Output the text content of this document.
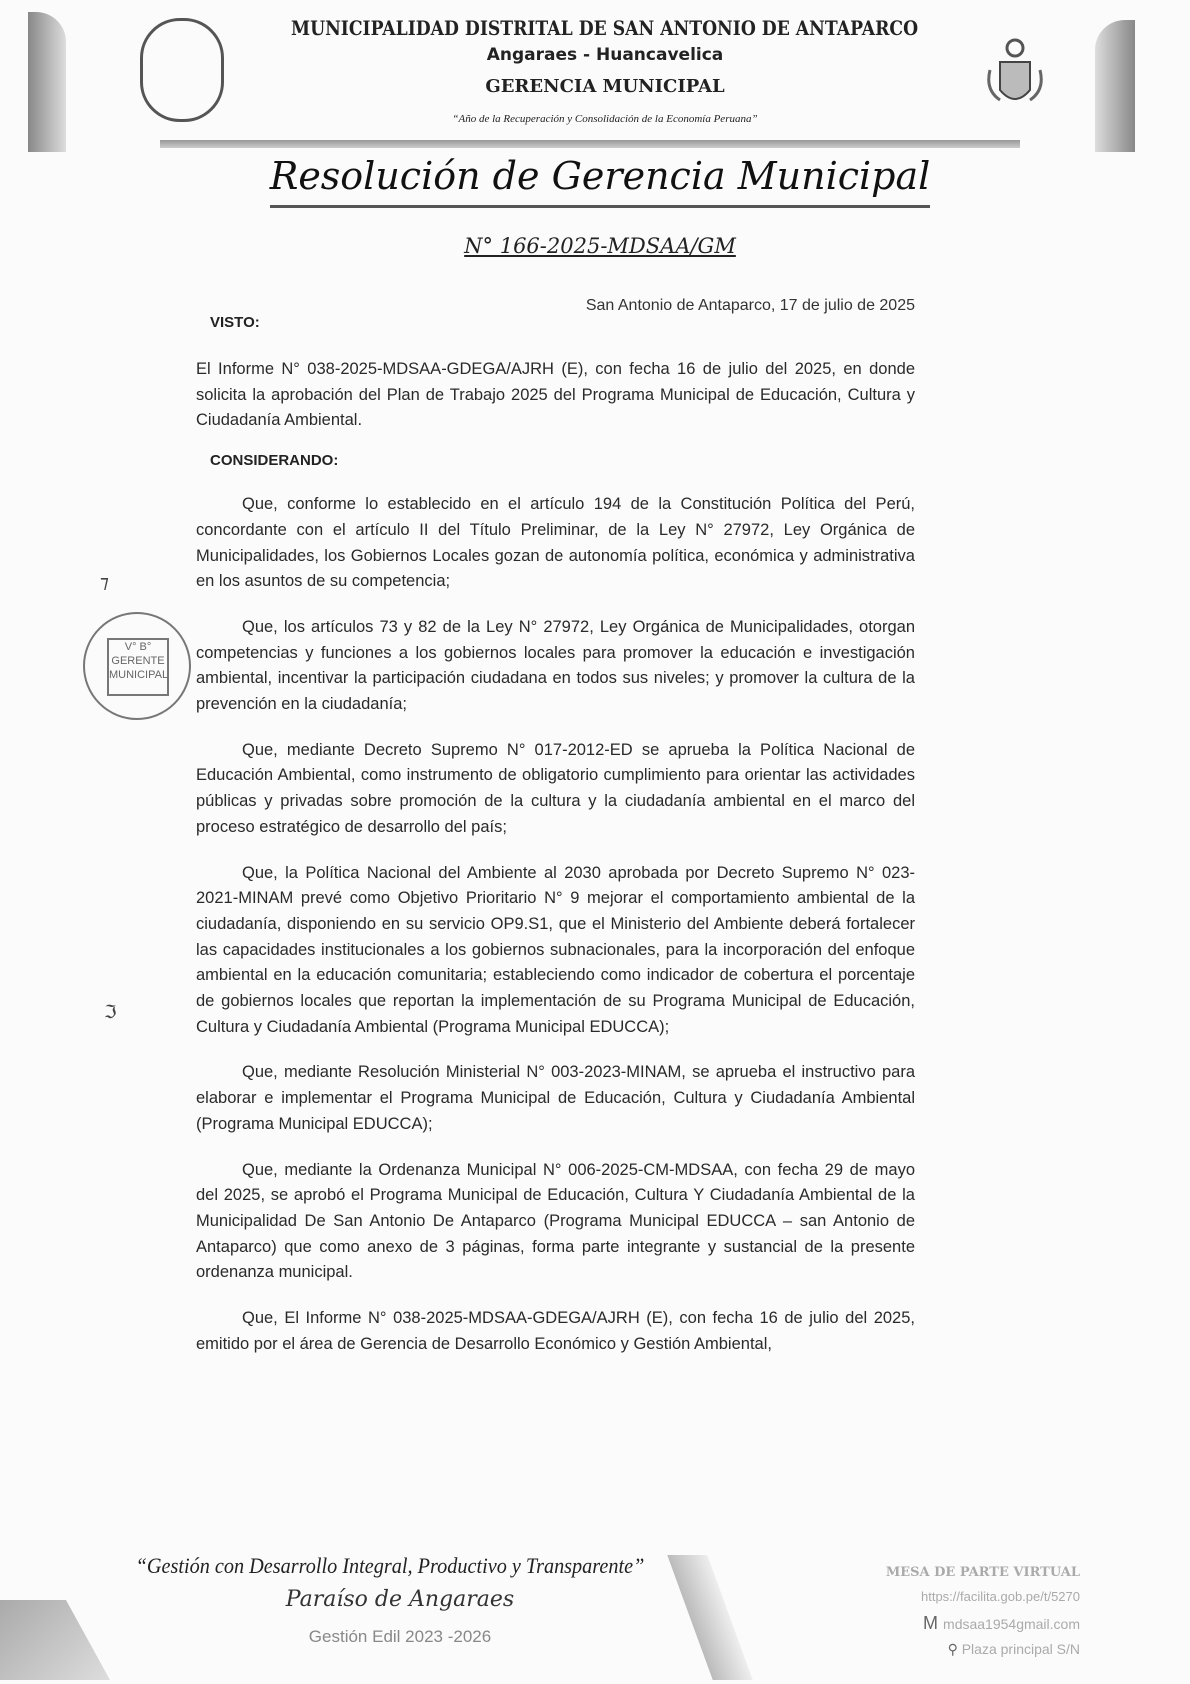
MUNICIPALIDAD DISTRITAL DE SAN ANTONIO DE ANTAPARCO
Angaraes - Huancavelica
GERENCIA MUNICIPAL
“Año de la Recuperación y Consolidación de la Economía Peruana”
Resolución de Gerencia Municipal
N° 166-2025-MDSAA/GM
San Antonio de Antaparco, 17 de julio de 2025
VISTO:
El Informe N° 038-2025-MDSAA-GDEGA/AJRH (E), con fecha 16 de julio del 2025, en donde solicita la aprobación del Plan de Trabajo 2025 del Programa Municipal de Educación, Cultura y Ciudadanía Ambiental.
CONSIDERANDO:
Que, conforme lo establecido en el artículo 194 de la Constitución Política del Perú, concordante con el artículo II del Título Preliminar, de la Ley N° 27972, Ley Orgánica de Municipalidades, los Gobiernos Locales gozan de autonomía política, económica y administrativa en los asuntos de su competencia;
Que, los artículos 73 y 82 de la Ley N° 27972, Ley Orgánica de Municipalidades, otorgan competencias y funciones a los gobiernos locales para promover la educación e investigación ambiental, incentivar la participación ciudadana en todos sus niveles; y promover la cultura de la prevención en la ciudadanía;
Que, mediante Decreto Supremo N° 017-2012-ED se aprueba la Política Nacional de Educación Ambiental, como instrumento de obligatorio cumplimiento para orientar las actividades públicas y privadas sobre promoción de la cultura y la ciudadanía ambiental en el marco del proceso estratégico de desarrollo del país;
Que, la Política Nacional del Ambiente al 2030 aprobada por Decreto Supremo N° 023-2021-MINAM prevé como Objetivo Prioritario N° 9 mejorar el comportamiento ambiental de la ciudadanía, disponiendo en su servicio OP9.S1, que el Ministerio del Ambiente deberá fortalecer las capacidades institucionales a los gobiernos subnacionales, para la incorporación del enfoque ambiental en la educación comunitaria; estableciendo como indicador de cobertura el porcentaje de gobiernos locales que reportan la implementación de su Programa Municipal de Educación, Cultura y Ciudadanía Ambiental (Programa Municipal EDUCCA);
Que, mediante Resolución Ministerial N° 003-2023-MINAM, se aprueba el instructivo para elaborar e implementar el Programa Municipal de Educación, Cultura y Ciudadanía Ambiental (Programa Municipal EDUCCA);
Que, mediante la Ordenanza Municipal N° 006-2025-CM-MDSAA, con fecha 29 de mayo del 2025, se aprobó el Programa Municipal de Educación, Cultura Y Ciudadanía Ambiental de la Municipalidad De San Antonio De Antaparco (Programa Municipal EDUCCA – san Antonio de Antaparco) que como anexo de 3 páginas, forma parte integrante y sustancial de la presente ordenanza municipal.
Que, El Informe N° 038-2025-MDSAA-GDEGA/AJRH (E), con fecha 16 de julio del 2025, emitido por el área de Gerencia de Desarrollo Económico y Gestión Ambiental,
V° B° GERENTE MUNICIPAL
⁊
ℑ
“Gestión con Desarrollo Integral, Productivo y Transparente”
Paraíso de Angaraes
Gestión Edil 2023 -2026
MESA DE PARTE VIRTUAL
https://facilita.gob.pe/t/5270
M mdsaa1954gmail.com
⚲ Plaza principal S/N
